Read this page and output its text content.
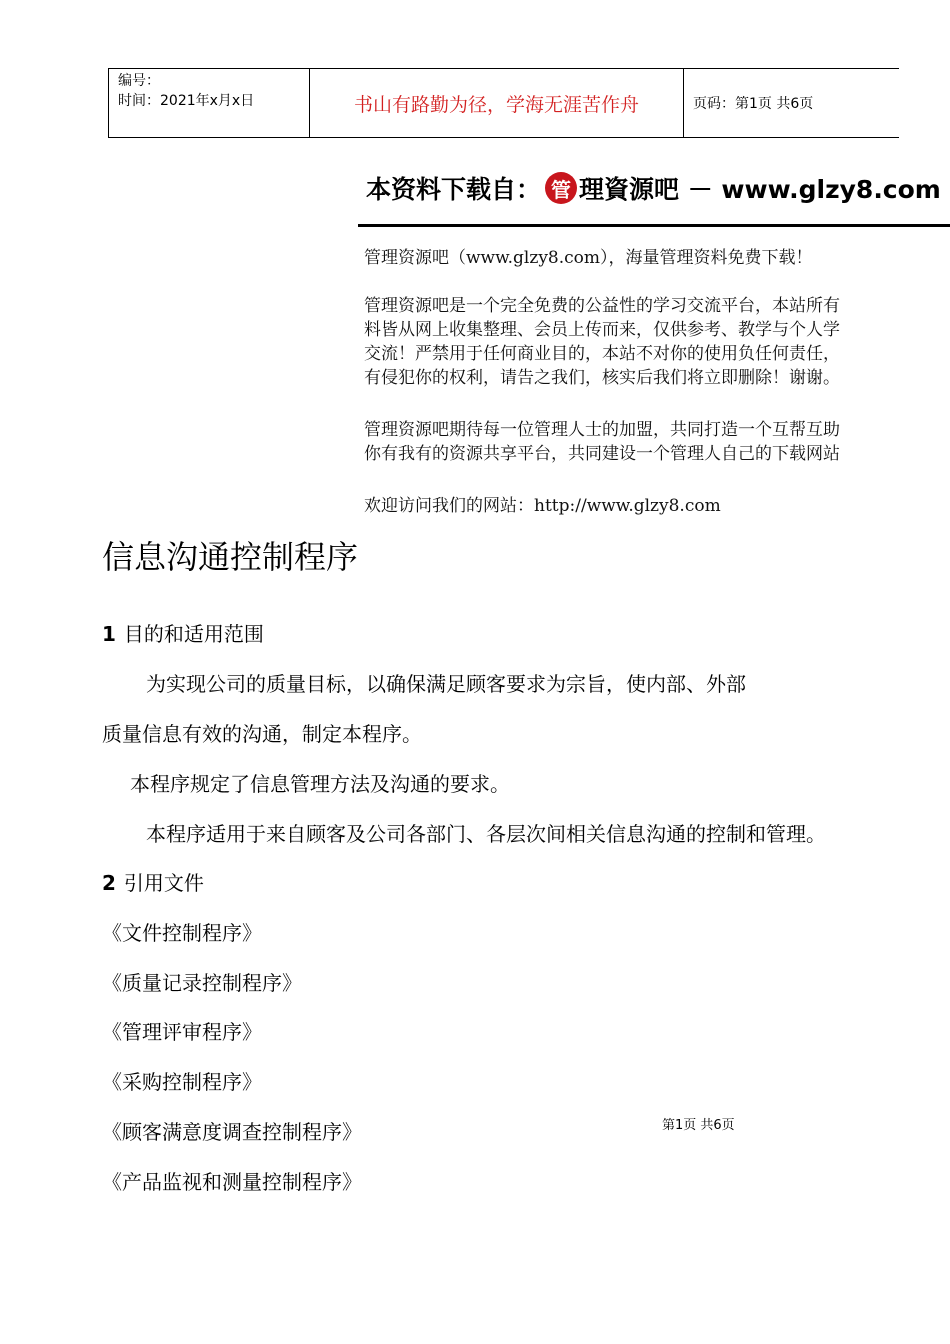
编号：
时间：2021年x月x日	书山有路勤为径，学海无涯苦作舟	页码：第1页 共6页
本资料下载自： 管 理資源吧 － www.glzy8.com
管理资源吧（www.glzy8.com），海量管理资料免费下载！
管理资源吧是一个完全免费的公益性的学习交流平台，本站所有
料皆从网上收集整理、会员上传而来，仅供参考、教学与个人学
交流！严禁用于任何商业目的，本站不对你的使用负任何责任，
有侵犯你的权利，请告之我们，核实后我们将立即删除！谢谢。
管理资源吧期待每一位管理人士的加盟，共同打造一个互帮互助
你有我有的资源共享平台，共同建设一个管理人自己的下载网站
欢迎访问我们的网站：http://www.glzy8.com
信息沟通控制程序
1 目的和适用范围
为实现公司的质量目标，以确保满足顾客要求为宗旨，使内部、外部
质量信息有效的沟通，制定本程序。
本程序规定了信息管理方法及沟通的要求。
本程序适用于来自顾客及公司各部门、各层次间相关信息沟通的控制和管理。
2 引用文件
《文件控制程序》
《质量记录控制程序》
《管理评审程序》
《采购控制程序》
《顾客满意度调查控制程序》
《产品监视和测量控制程序》
第1页 共6页
